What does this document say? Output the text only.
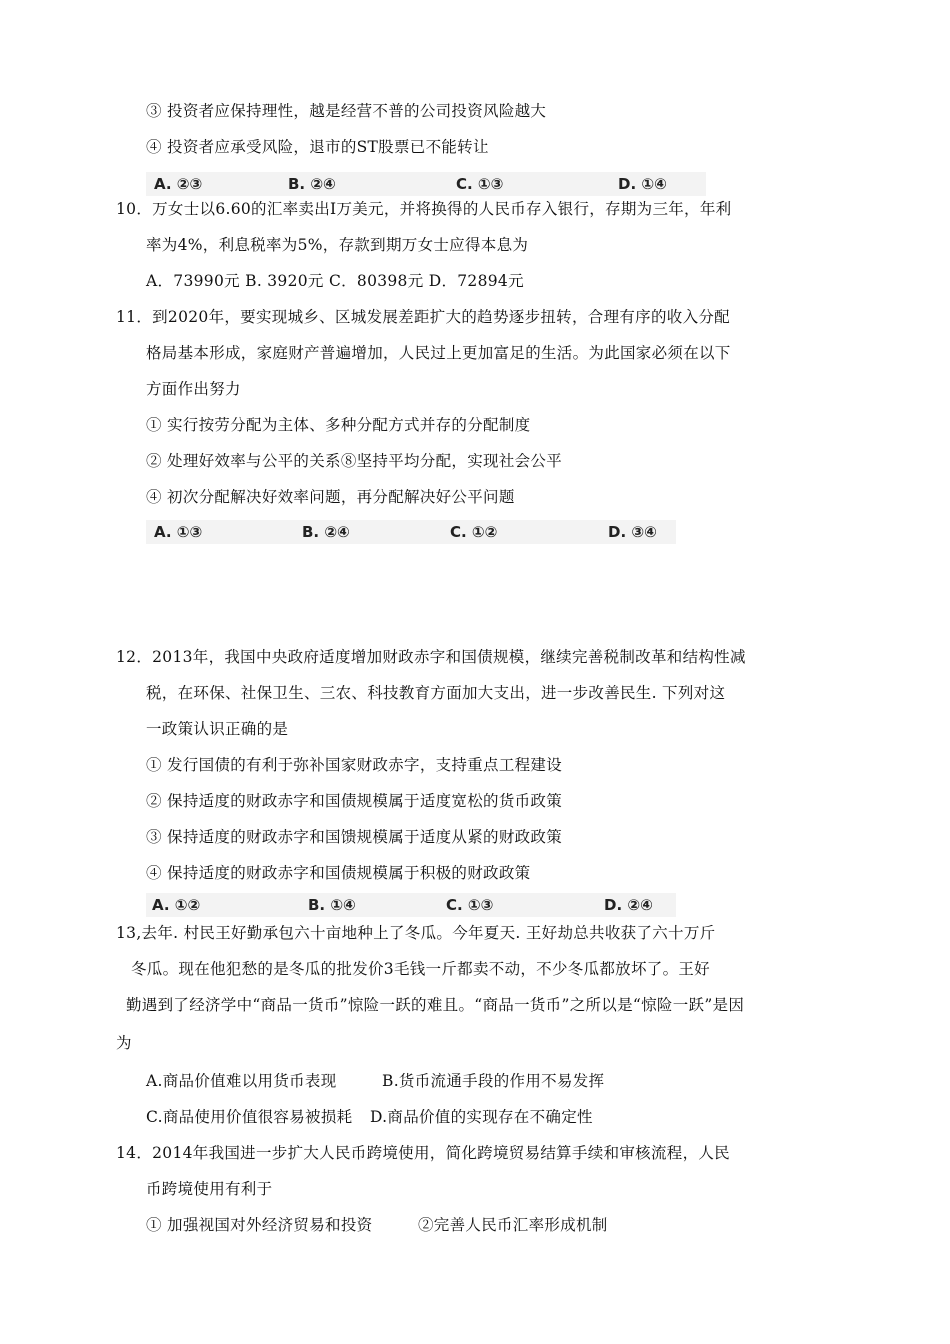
③ 投资者应保持理性，越是经营不普的公司投资风险越大
④ 投资者应承受风险，退市的ST股票已不能转让
A. ②③	B. ②④	C. ①③	D. ①④
10．万女士以6.60的汇率卖出Ⅰ万美元，并将换得的人民币存入银行，存期为三年，年利
率为4%，利息税率为5%，存款到期万女士应得本息为
A．73990元 B. 3920元 C．80398元 D．72894元
11．到2020年，要实现城乡、区城发展差距扩大的趋势逐步扭转，合理有序的收入分配
格局基本形成，家庭财产普遍增加，人民过上更加富足的生活。为此国家必须在以下
方面作出努力
① 实行按劳分配为主体、多种分配方式并存的分配制度
② 处理好效率与公平的关系⑧坚持平均分配，实现社会公平
④ 初次分配解决好效率问题，再分配解决好公平问题
A. ①③	B. ②④	C. ①②	D. ③④
12．2013年，我国中央政府适度增加财政赤字和国债规模，继续完善税制改革和结构性减
税，在环保、社保卫生、三农、科技教育方面加大支出，进一步改善民生. 下列对这
一政策认识正确的是
① 发行国债的有利于弥补国家财政赤字，支持重点工程建设
② 保持适度的财政赤字和国债规模属于适度宽松的货币政策
③ 保持适度的财政赤字和国馈规模属于适度从紧的财政政策
④ 保持适度的财政赤字和国债规模属于积极的财政政策
A. ①②	B. ①④	C. ①③	D. ②④
13,去年. 村民王好勤承包六十亩地种上了冬瓜。今年夏天. 王好劫总共收获了六十万斤
冬瓜。现在他犯愁的是冬瓜的批发价3毛钱一斤都卖不动，不少冬瓜都放坏了。王好
勤遇到了经济学中“商品一货币”惊险一跃的难且。“商品一货币”之所以是“惊险一跃”是因
为
A.商品价值难以用货币表现	B.货币流通手段的作用不易发挥
C.商品使用价值很容易被损耗 D.商品价值的实现存在不确定性
14．2014年我国进一步扩大人民币跨境使用，简化跨境贸易结算手续和审核流程，人民
币跨境使用有利于
① 加强视国对外经济贸易和投资	②完善人民币汇率形成机制
